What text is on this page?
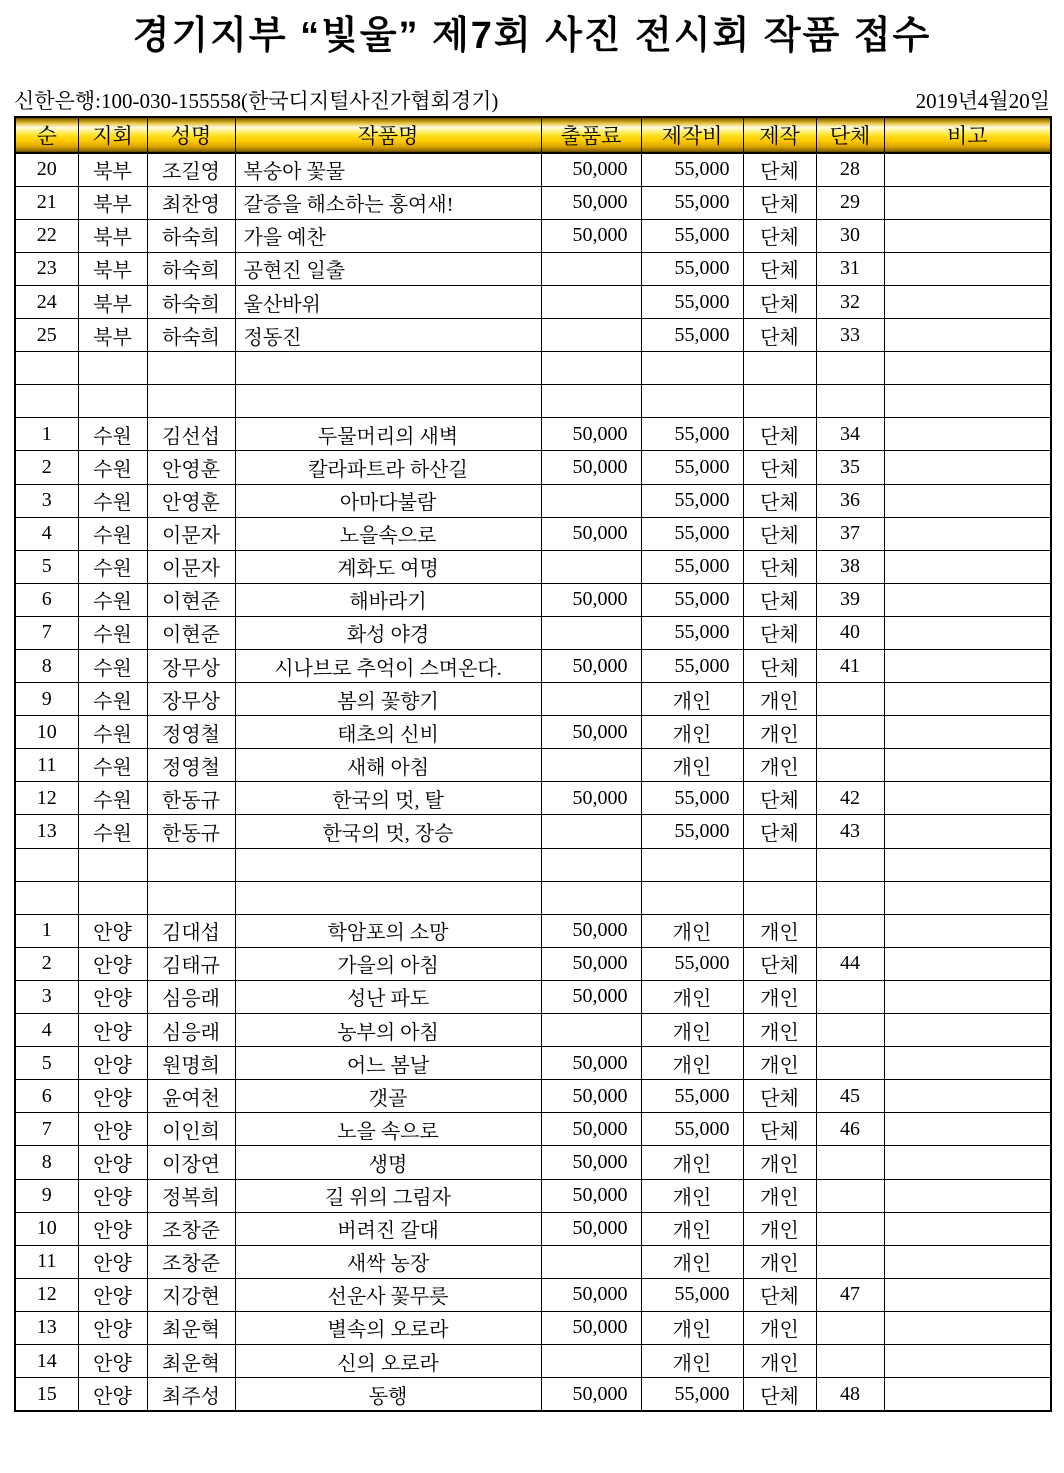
경기지부 “빛울” 제7회 사진 전시회 작품 접수
신한은행:100-030-155558(한국디지털사진가협회경기)	2019년4월20일
순	지회	성명	작품명	출품료	제작비	제작	단체	비고
20	북부	조길영	복숭아 꽃물	50,000	55,000	단체	28	
21	북부	최찬영	갈증을 해소하는 홍여새!	50,000	55,000	단체	29	
22	북부	하숙희	가을 예찬	50,000	55,000	단체	30	
23	북부	하숙희	공현진 일출		55,000	단체	31	
24	북부	하숙희	울산바위		55,000	단체	32	
25	북부	하숙희	정동진		55,000	단체	33	

1	수원	김선섭	두물머리의 새벽	50,000	55,000	단체	34	
2	수원	안영훈	칼라파트라 하산길	50,000	55,000	단체	35	
3	수원	안영훈	아마다불람		55,000	단체	36	
4	수원	이문자	노을속으로	50,000	55,000	단체	37	
5	수원	이문자	계화도 여명		55,000	단체	38	
6	수원	이현준	해바라기	50,000	55,000	단체	39	
7	수원	이현준	화성 야경		55,000	단체	40	
8	수원	장무상	시나브로 추억이 스며온다.	50,000	55,000	단체	41	
9	수원	장무상	봄의 꽃향기		개인	개인		
10	수원	정영철	태초의 신비	50,000	개인	개인		
11	수원	정영철	새해 아침		개인	개인		
12	수원	한동규	한국의 멋, 탈	50,000	55,000	단체	42	
13	수원	한동규	한국의 멋, 장승		55,000	단체	43	

1	안양	김대섭	학암포의 소망	50,000	개인	개인		
2	안양	김태규	가을의 아침	50,000	55,000	단체	44	
3	안양	심응래	성난 파도	50,000	개인	개인		
4	안양	심응래	농부의 아침		개인	개인		
5	안양	원명희	어느 봄날	50,000	개인	개인		
6	안양	윤여천	갯골	50,000	55,000	단체	45	
7	안양	이인희	노을 속으로	50,000	55,000	단체	46	
8	안양	이장연	생명	50,000	개인	개인		
9	안양	정복희	길 위의 그림자	50,000	개인	개인		
10	안양	조창준	버려진 갈대	50,000	개인	개인		
11	안양	조창준	새싹 농장		개인	개인		
12	안양	지강현	선운사 꽃무릇	50,000	55,000	단체	47	
13	안양	최운혁	별속의 오로라	50,000	개인	개인		
14	안양	최운혁	신의 오로라		개인	개인		
15	안양	최주성	동행	50,000	55,000	단체	48	
